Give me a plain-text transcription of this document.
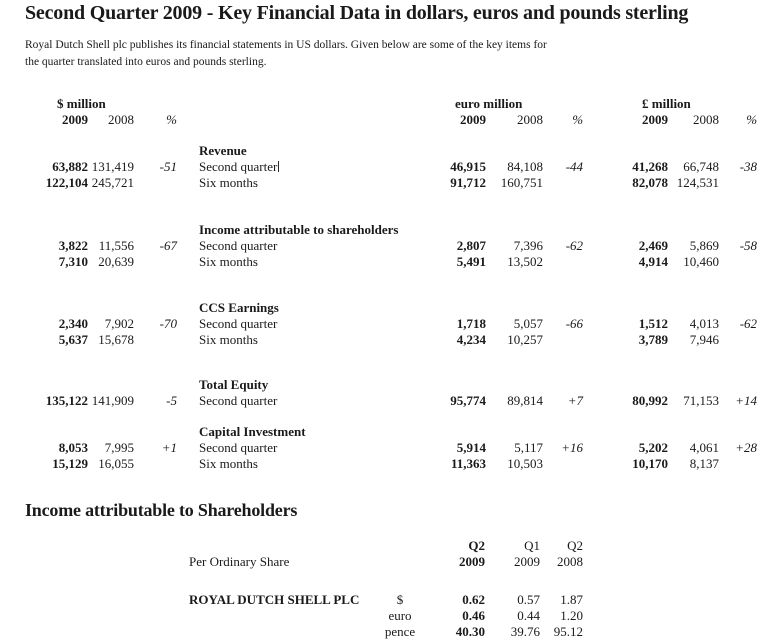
Second Quarter 2009 - Key Financial Data in dollars, euros and pounds sterling
Royal Dutch Shell plc publishes its financial statements in US dollars. Given below are some of the key items for
the quarter translated into euros and pounds sterling.
$ million				euro million			£ million		
2009	2008	%		2009	2008	%	2009	2008	%

			Revenue						
63,882	131,419	-51	Second quarter	46,915	84,108	-44	41,268	66,748	-38
122,104	245,721		Six months	91,712	160,751		82,078	124,531	

			Income attributable to shareholders						
3,822	11,556	-67	Second quarter	2,807	7,396	-62	2,469	5,869	-58
7,310	20,639		Six months	5,491	13,502		4,914	10,460	

			CCS Earnings						
2,340	7,902	-70	Second quarter	1,718	5,057	-66	1,512	4,013	-62
5,637	15,678		Six months	4,234	10,257		3,789	7,946	

			Total Equity						
135,122	141,909	-5	Second quarter	95,774	89,814	+7	80,992	71,153	+14

			Capital Investment						
8,053	7,995	+1	Second quarter	5,914	5,117	+16	5,202	4,061	+28
15,129	16,055		Six months	11,363	10,503		10,170	8,137	
Income attributable to Shareholders
		Q2	Q1	Q2
Per Ordinary Share		2009	2009	2008

ROYAL DUTCH SHELL PLC	$	0.62	0.57	1.87
	euro	0.46	0.44	1.20
	pence	40.30	39.76	95.12
